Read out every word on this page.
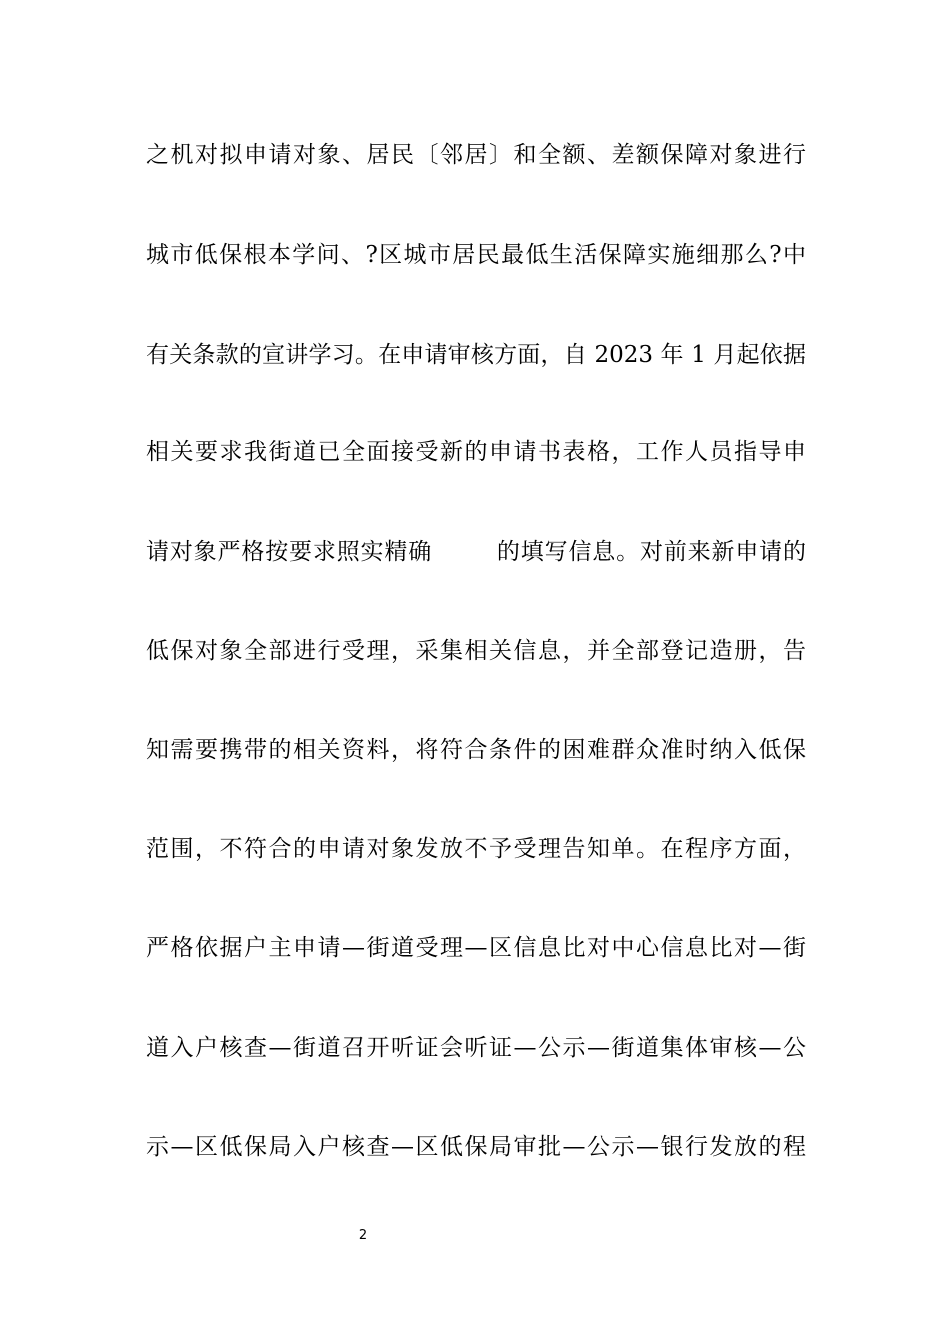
之机对拟申请对象、居民〔邻居〕和全额、差额保障对象进行
城市低保根本学问、?区城市居民最低生活保障实施细那么?中
有关条款的宣讲学习。在申请审核方面，自 2023 年 1 月起依据
相关要求我街道已全面接受新的申请书表格，工作人员指导申
请对象严格按要求照实精确	的填写信息。对前来新申请的
低保对象全部进行受理，采集相关信息，并全部登记造册，告
知需要携带的相关资料，将符合条件的困难群众准时纳入低保
范围，不符合的申请对象发放不予受理告知单。在程序方面，
严格依据户主申请—街道受理—区信息比对中心信息比对—街
道入户核查—街道召开听证会听证—公示—街道集体审核—公
示—区低保局入户核查—区低保局审批—公示—银行发放的程
2
